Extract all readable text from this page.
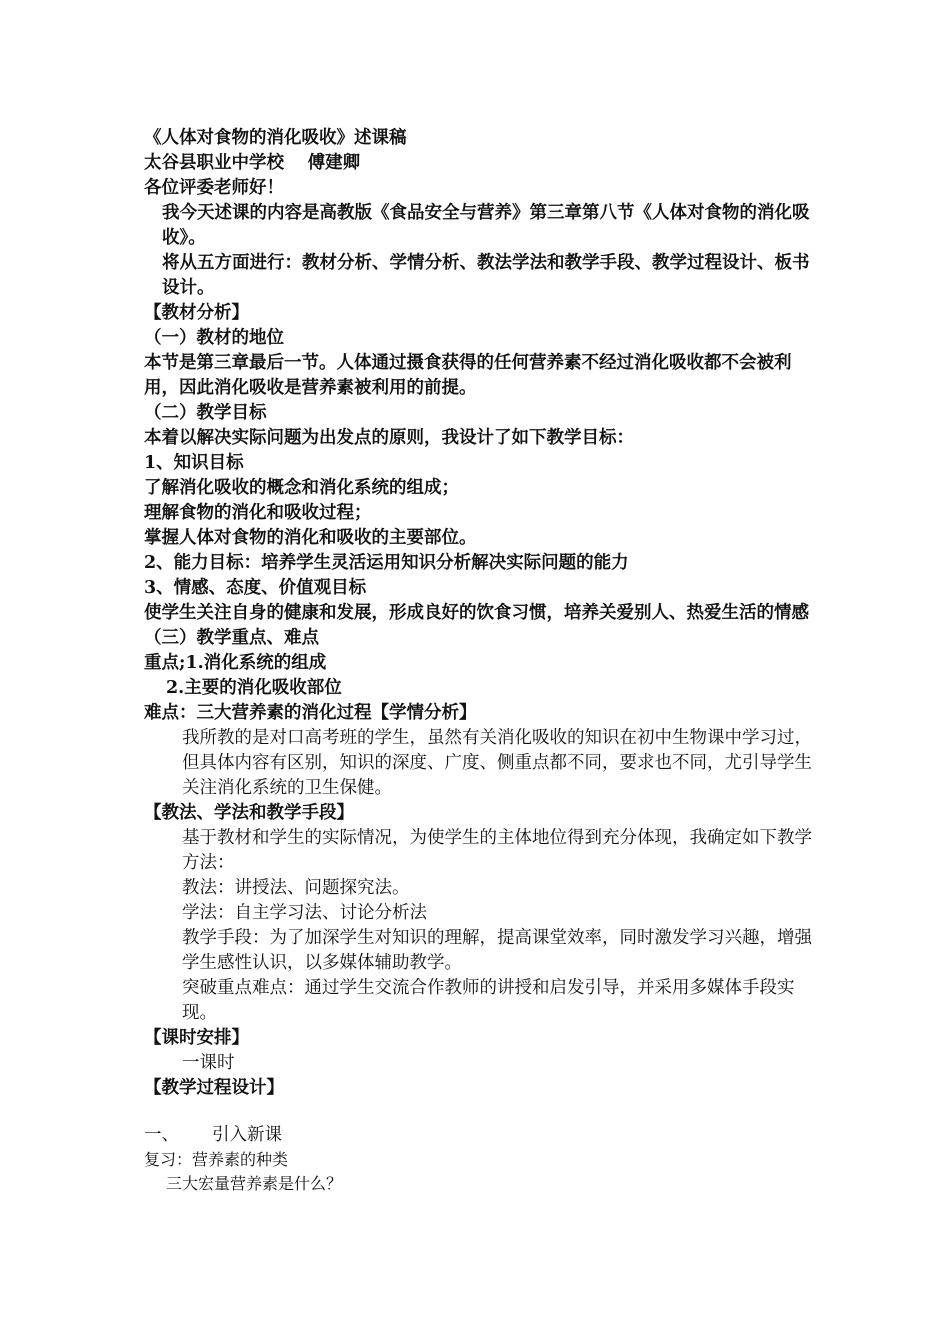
《人体对食物的消化吸收》述课稿

太谷县职业中学校　 傅建卿

各位评委老师好！

我今天述课的内容是高教版《食品安全与营养》第三章第八节《人体对食物的消化吸收》。

将从五方面进行：教材分析、学情分析、教法学法和教学手段、教学过程设计、板书设计。

【教材分析】

（一）教材的地位

本节是第三章最后一节。人体通过摄食获得的任何营养素不经过消化吸收都不会被利用，因此消化吸收是营养素被利用的前提。

（二）教学目标

本着以解决实际问题为出发点的原则，我设计了如下教学目标：

1、知识目标

了解消化吸收的概念和消化系统的组成；

理解食物的消化和吸收过程；

掌握人体对食物的消化和吸收的主要部位。

2、能力目标：培养学生灵活运用知识分析解决实际问题的能力

3、情感、态度、价值观目标

使学生关注自身的健康和发展，形成良好的饮食习惯，培养关爱别人、热爱生活的情感

（三）教学重点、难点

重点;1.消化系统的组成

2.主要的消化吸收部位

难点：三大营养素的消化过程【学情分析】

我所教的是对口高考班的学生，虽然有关消化吸收的知识在初中生物课中学习过，但具体内容有区别，知识的深度、广度、侧重点都不同，要求也不同，尤引导学生关注消化系统的卫生保健。

【教法、学法和教学手段】

基于教材和学生的实际情况，为使学生的主体地位得到充分体现，我确定如下教学方法：

教法：讲授法、问题探究法。

学法：自主学习法、讨论分析法

教学手段：为了加深学生对知识的理解，提高课堂效率，同时激发学习兴趣，增强学生感性认识，以多媒体辅助教学。

突破重点难点：通过学生交流合作教师的讲授和启发引导，并采用多媒体手段实现。

【课时安排】

一课时

【教学过程设计】

一、 引入新课

复习：营养素的种类

三大宏量营养素是什么？
